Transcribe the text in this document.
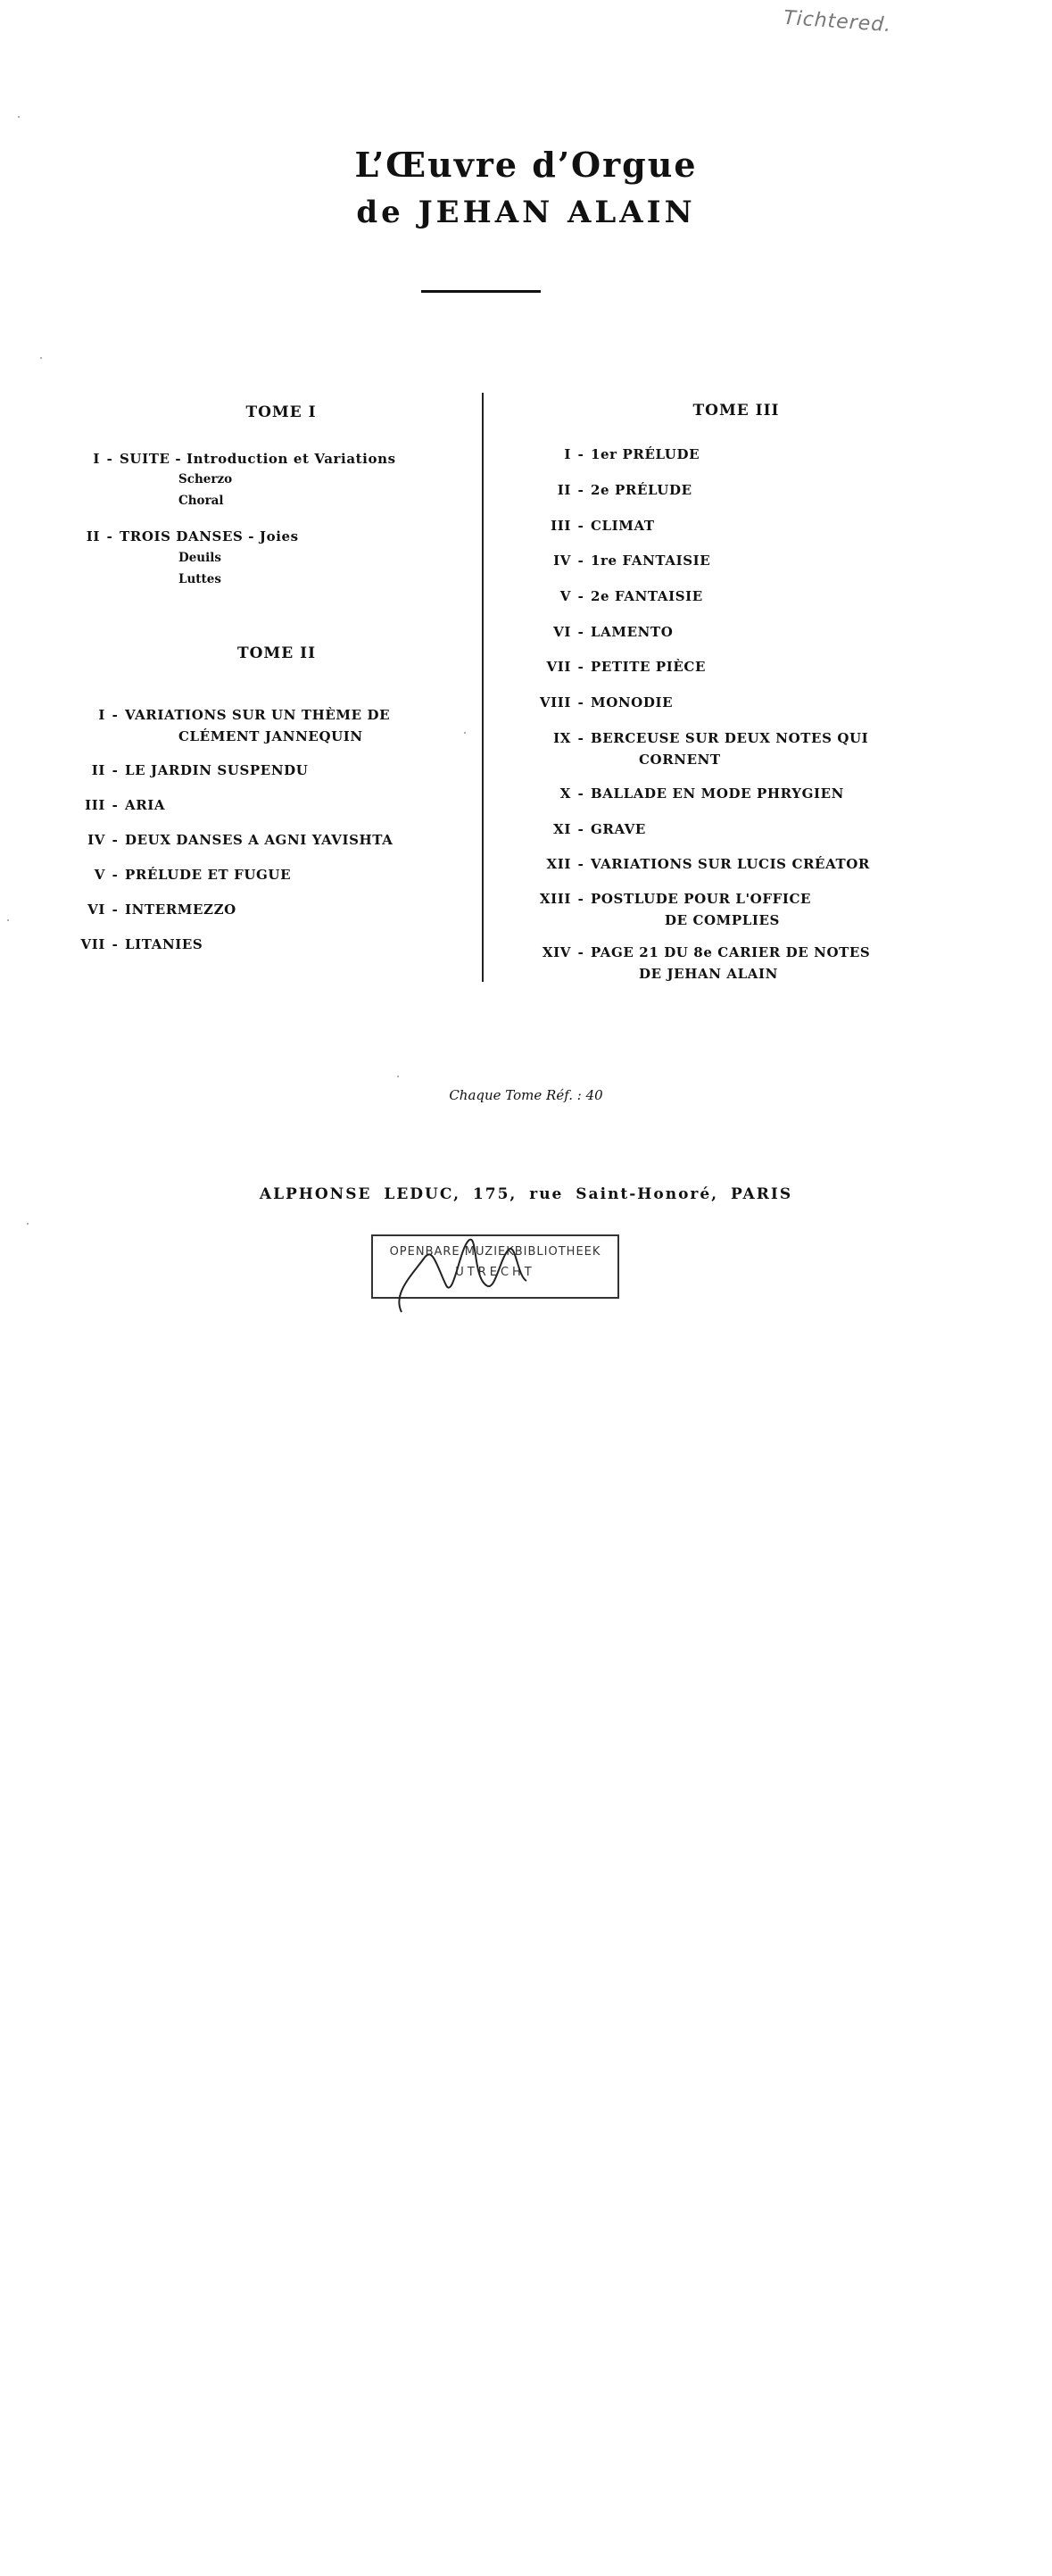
Tichtered.
L’Œuvre d’Orgue
de JEHAN ALAIN
TOME I
I - SUITE - Introduction et Variations
Scherzo
Choral
II - TROIS DANSES - Joies
Deuils
Luttes
TOME II
I - VARIATIONS SUR UN THÈME DE
CLÉMENT JANNEQUIN
II - LE JARDIN SUSPENDU
III - ARIA
IV - DEUX DANSES A AGNI YAVISHTA
V - PRÉLUDE ET FUGUE
VI - INTERMEZZO
VII - LITANIES
TOME III
I - 1er PRÉLUDE
II - 2e PRÉLUDE
III - CLIMAT
IV - 1re FANTAISIE
V - 2e FANTAISIE
VI - LAMENTO
VII - PETITE PIÈCE
VIII - MONODIE
IX - BERCEUSE SUR DEUX NOTES QUI
CORNENT
X - BALLADE EN MODE PHRYGIEN
XI - GRAVE
XII - VARIATIONS SUR LUCIS CRÉATOR
XIII - POSTLUDE POUR L'OFFICE
DE COMPLIES
XIV - PAGE 21 DU 8e CARIER DE NOTES
DE JEHAN ALAIN
Chaque Tome Réf. : 40
ALPHONSE LEDUC, 175, rue Saint-Honoré, PARIS
OPENBARE MUZIEKBIBLIOTHEEK
UTRECHT
